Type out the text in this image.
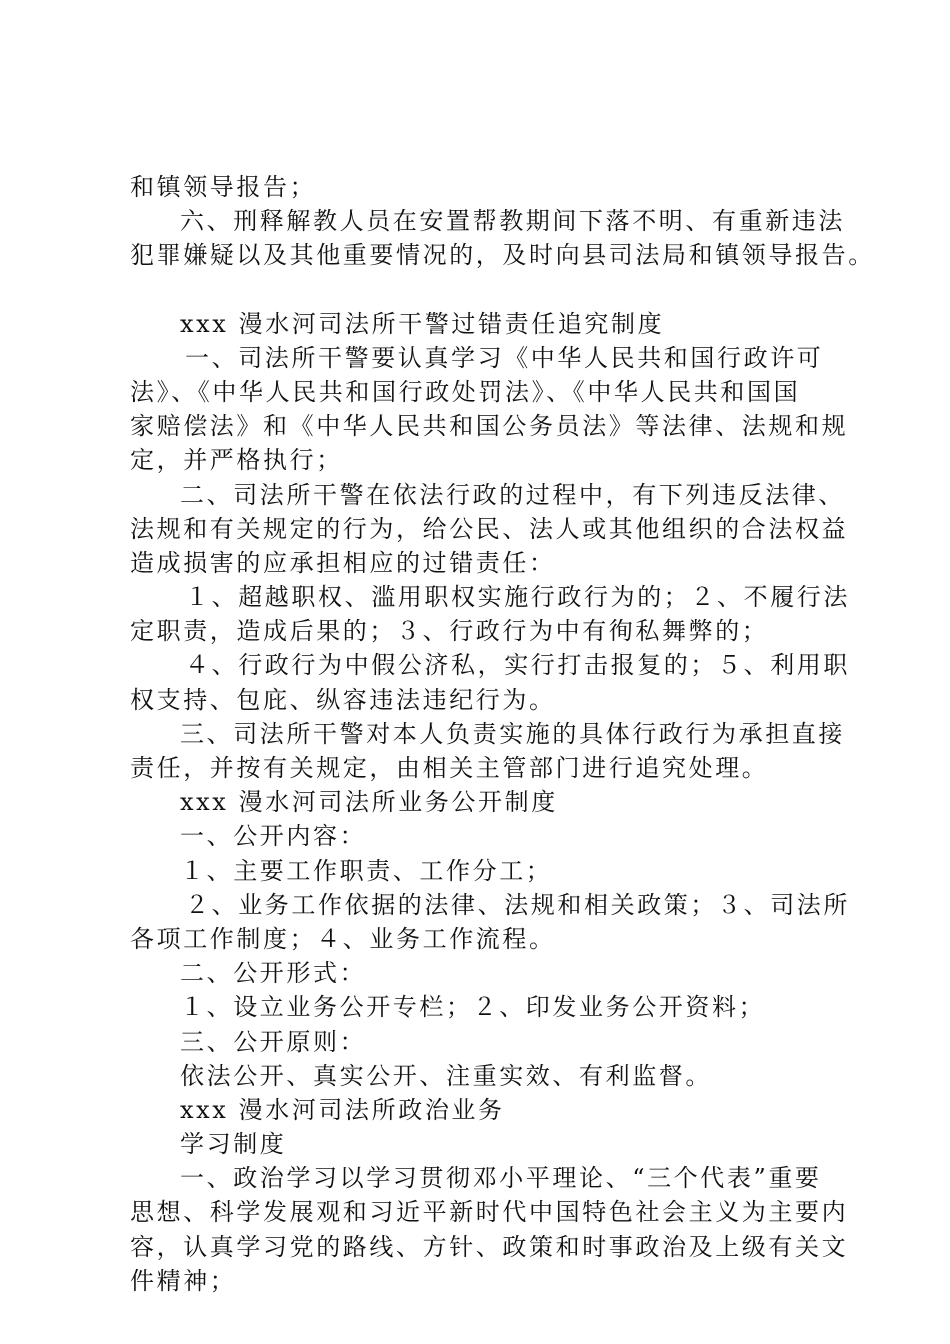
和镇领导报告；
六、刑释解教人员在安置帮教期间下落不明、有重新违法
犯罪嫌疑以及其他重要情况的，及时向县司法局和镇领导报告。
xxx 漫水河司法所干警过错责任追究制度
一、司法所干警要认真学习《中华人民共和国行政许可
法》、《中华人民共和国行政处罚法》、《中华人民共和国国
家赔偿法》和《中华人民共和国公务员法》等法律、法规和规
定，并严格执行；
二、司法所干警在依法行政的过程中，有下列违反法律、
法规和有关规定的行为，给公民、法人或其他组织的合法权益
造成损害的应承担相应的过错责任：
１、超越职权、滥用职权实施行政行为的；２、不履行法
定职责，造成后果的；３、行政行为中有徇私舞弊的；
４、行政行为中假公济私，实行打击报复的；５、利用职
权支持、包庇、纵容违法违纪行为。
三、司法所干警对本人负责实施的具体行政行为承担直接
责任，并按有关规定，由相关主管部门进行追究处理。
xxx 漫水河司法所业务公开制度
一、公开内容：
１、主要工作职责、工作分工；
２、业务工作依据的法律、法规和相关政策；３、司法所
各项工作制度；４、业务工作流程。
二、公开形式：
１、设立业务公开专栏；２、印发业务公开资料；
三、公开原则：
依法公开、真实公开、注重实效、有利监督。
xxx 漫水河司法所政治业务
学习制度
一、政治学习以学习贯彻邓小平理论、“三个代表”重要
思想、科学发展观和习近平新时代中国特色社会主义为主要内
容，认真学习党的路线、方针、政策和时事政治及上级有关文
件精神；
